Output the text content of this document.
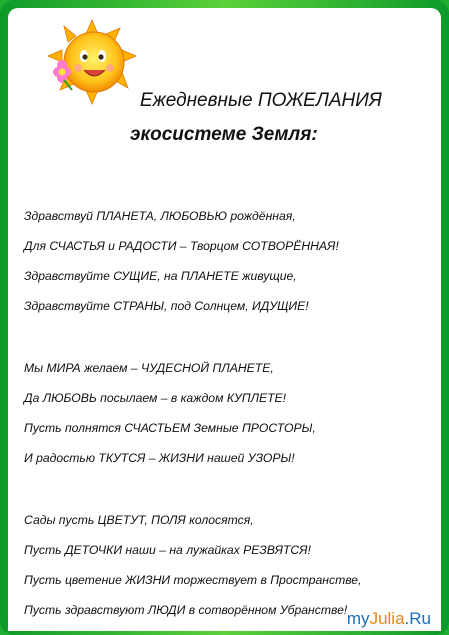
Ежедневные ПОЖЕЛАНИЯ
экосистеме Земля:
Здравствуй ПЛАНЕТА, ЛЮБОВЬЮ рождённая,
Для СЧАСТЬЯ и РАДОСТИ – Творцом СОТВОРЁННАЯ!
Здравствуйте СУЩИЕ, на ПЛАНЕТЕ живущие,
Здравствуйте СТРАНЫ, под Солнцем, ИДУЩИЕ!
Мы МИРА желаем – ЧУДЕСНОЙ ПЛАНЕТЕ,
Да ЛЮБОВЬ посылаем – в каждом КУПЛЕТЕ!
Пусть полнятся СЧАСТЬЕМ Земные ПРОСТОРЫ,
И радостью ТКУТСЯ – ЖИЗНИ нашей УЗОРЫ!
Сады пусть ЦВЕТУТ, ПОЛЯ колосятся,
Пусть ДЕТОЧКИ наши – на лужайках РЕЗВЯТСЯ!
Пусть цветение ЖИЗНИ торжествует в Пространстве,
Пусть здравствуют ЛЮДИ в сотворённом Убранстве! myJulia.Ru
